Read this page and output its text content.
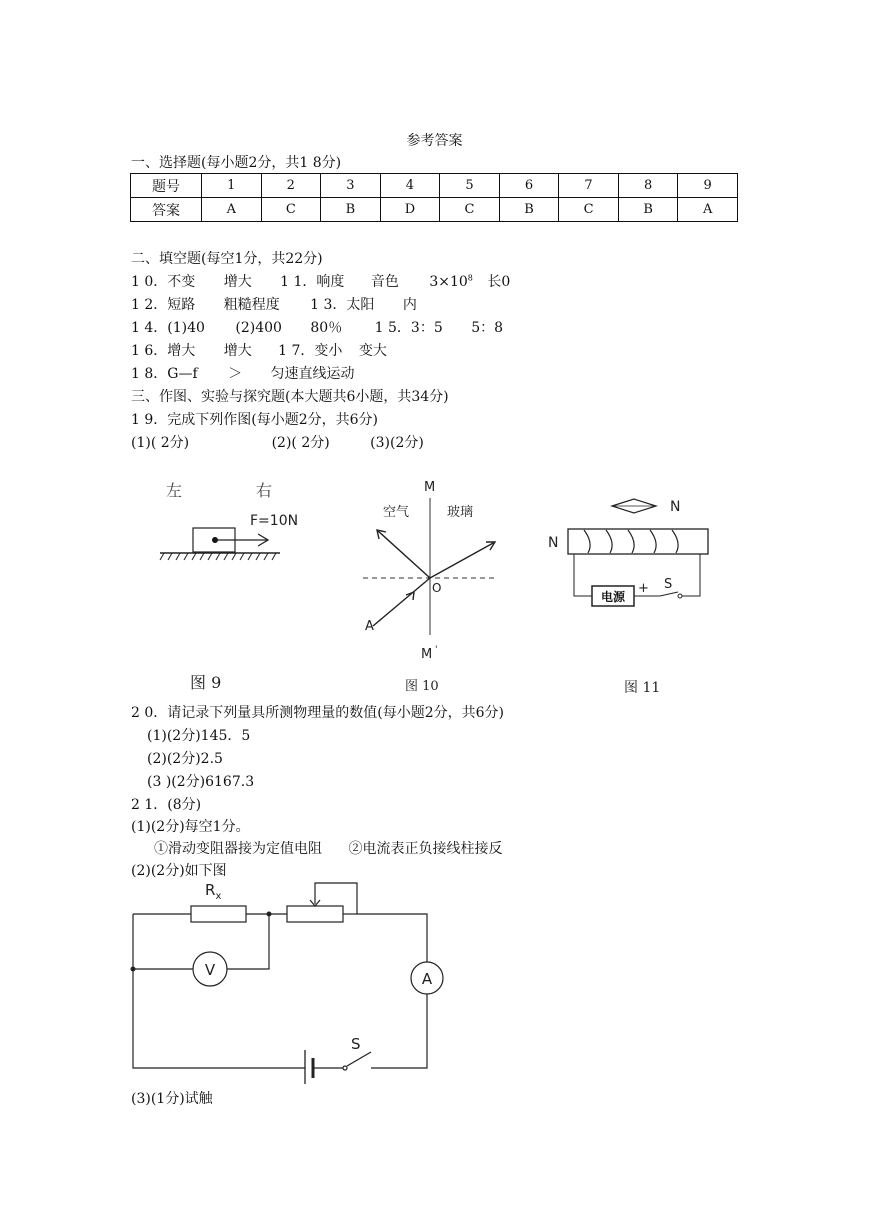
参考答案
一、选择题(每小题2分，共1 8分)
题号	1	2	3	4	5	6	7	8	9
答案	A	C	B	D	C	B	C	B	A
二、填空题(每空1分，共22分)
1 0．不变 增大 1 1．响度 音色 $3\times 10^8$ 长0
1 2．短路 粗糙程度 1 3．太阳 内
1 4．(1)40 (2)400 80％ 1 5．3：5 5：8
1 6．增大 增大 1 7．变小 变大
1 8．G—f ＞ 匀速直线运动
三、作图、实验与探究题(本大题共6小题，共34分)
1 9．完成下列作图(每小题2分，共6分)
(1)( 2分)	(2)( 2分)	(3)(2分)
左	右
F=10N
图 9
M
空气	玻璃
O
A
M '
图 10
N
N
电源
+ S
图 11
2 0．请记录下列量具所测物理量的数值(每小题2分，共6分)
(1)(2分)145．5
(2)(2分)2.5
(3 )(2分)6167.3
2 1．(8分)
(1)(2分)每空1分。
①滑动变阻器接为定值电阻 ②电流表正负接线柱接反
(2)(2分)如下图
$R_x$
V	A
S
(3)(1分)试触
